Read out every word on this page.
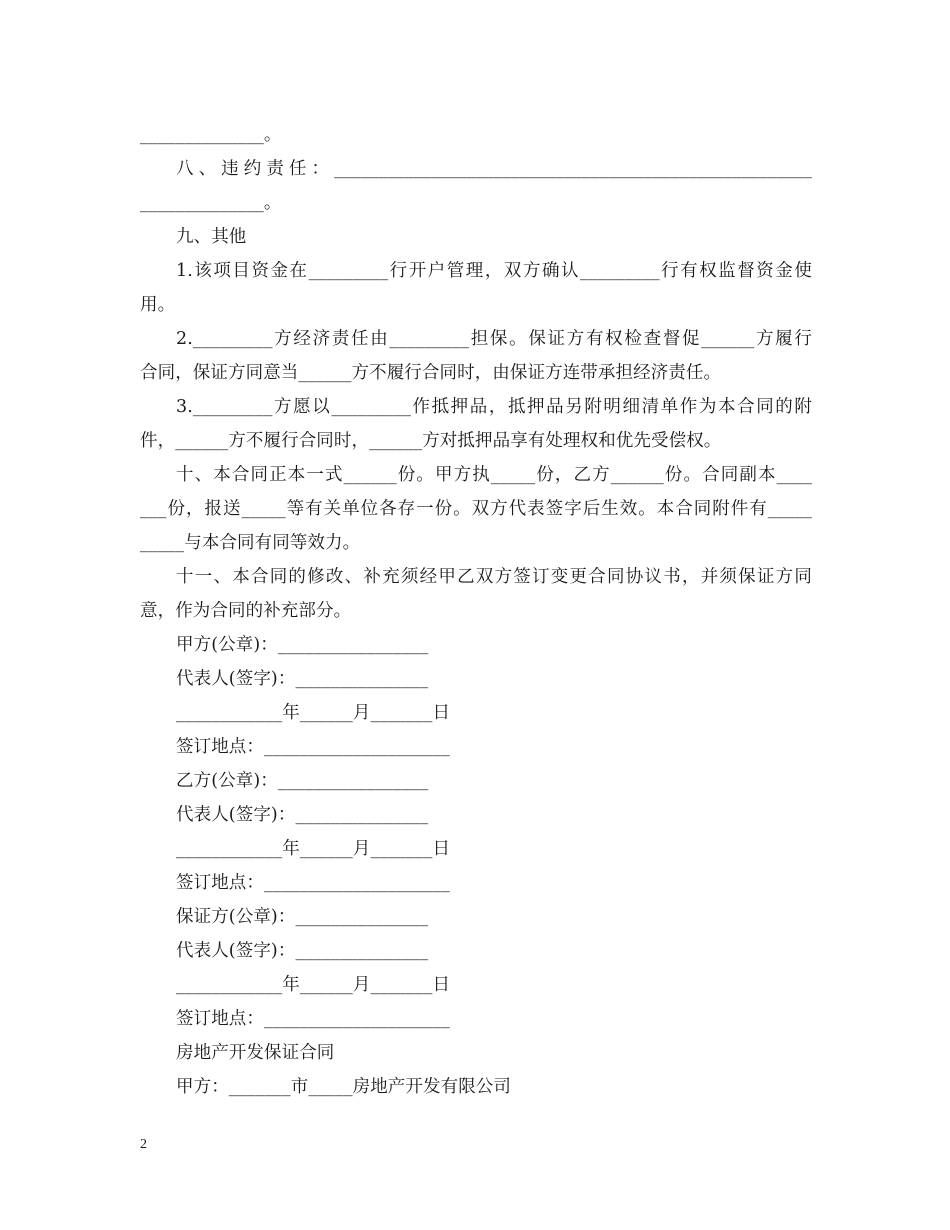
______________。
八、违约责任：______________________________________________________
______________。
九、其他
1.该项目资金在_________行开户管理，双方确认_________行有权监督资金使
用。
2._________方经济责任由_________担保。保证方有权检查督促______方履行
合同，保证方同意当______方不履行合同时，由保证方连带承担经济责任。
3._________方愿以_________作抵押品，抵押品另附明细清单作为本合同的附
件，______方不履行合同时，______方对抵押品享有处理权和优先受偿权。
十、本合同正本一式______份。甲方执_____份，乙方______份。合同副本____
___份，报送_____等有关单位各存一份。双方代表签字后生效。本合同附件有_____
_____与本合同有同等效力。
十一、本合同的修改、补充须经甲乙双方签订变更合同协议书，并须保证方同
意，作为合同的补充部分。
甲方(公章)：_________________
代表人(签字)：_______________
____________年______月_______日
签订地点：_____________________
乙方(公章)：_________________
代表人(签字)：_______________
____________年______月_______日
签订地点：_____________________
保证方(公章)：_______________
代表人(签字)：_______________
____________年______月_______日
签订地点：_____________________
房地产开发保证合同
甲方：_______市_____房地产开发有限公司
2
